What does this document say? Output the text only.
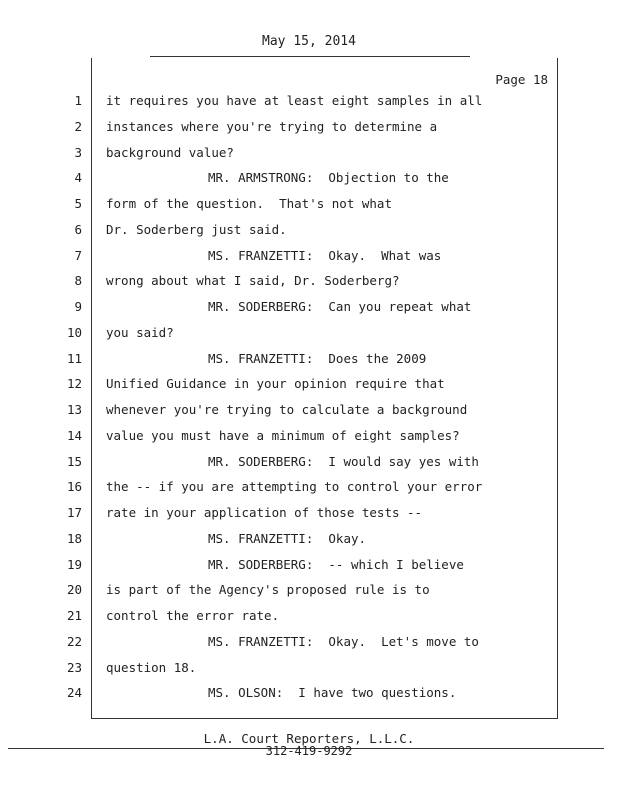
May 15, 2014
Page 18
1 it requires you have at least eight samples in all
2 instances where you're trying to determine a
3 background value?
4	MR. ARMSTRONG:  Objection to the
5 form of the question.  That's not what
6 Dr. Soderberg just said.
7	MS. FRANZETTI:  Okay.  What was
8 wrong about what I said, Dr. Soderberg?
9	MR. SODERBERG:  Can you repeat what
10 you said?
11	MS. FRANZETTI:  Does the 2009
12 Unified Guidance in your opinion require that
13 whenever you're trying to calculate a background
14 value you must have a minimum of eight samples?
15	MR. SODERBERG:  I would say yes with
16 the -- if you are attempting to control your error
17 rate in your application of those tests --
18	MS. FRANZETTI:  Okay.
19	MR. SODERBERG:  -- which I believe
20 is part of the Agency's proposed rule is to
21 control the error rate.
22	MS. FRANZETTI:  Okay.  Let's move to
23 question 18.
24	MS. OLSON:  I have two questions.
L.A. Court Reporters, L.L.C.
312-419-9292
